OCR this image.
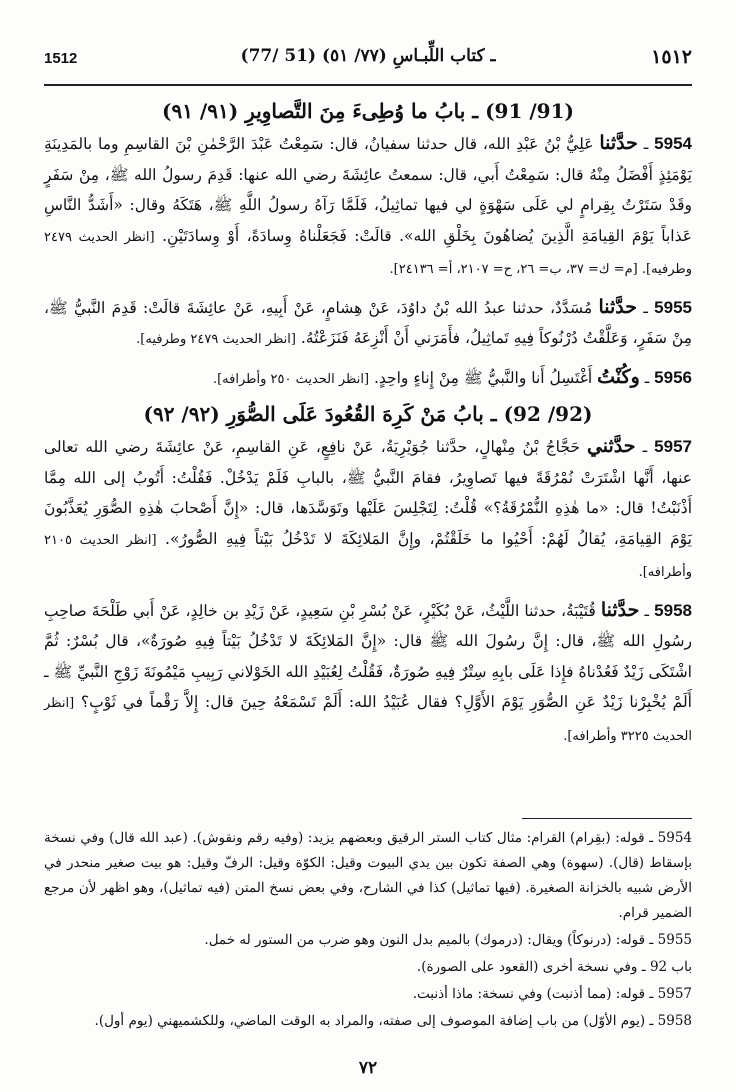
1512	(77/ 51) ـ كتاب اللِّبـاسِ (٧٧/ ٥١)	١٥١٢
(91/ 91) ـ بابُ ما وُطِىءَ مِنَ التَّصاوِيرِ (٩١/ ٩١)

5954 ـ حدَّثنا عَلِيُّ بْنُ عَبْدِ الله، قال حدثنا سفيانُ، قال: سَمِعْتُ عَبْدَ الرَّحْمٰنِ بْنَ القاسِمِ وما بالمَدِينَةِ يَوْمَئِذٍ أَفْضَلُ مِنْهُ قال: سَمِعْتُ أَبي، قال: سمعتُ عائِشَةَ رضي الله عنها: قَدِمَ رسولُ الله ﷺ، مِنْ سَفَرٍ وقَدْ سَتَرْتُ بِقِرامٍ لي عَلَى سَهْوَةٍ لي فيها تماثِيلُ، فَلَمَّا رَآهُ رسولُ اللَّهِ ﷺ، هَتَكَهُ وقال: «أَشَدُّ النَّاسِ عَذاباً يَوْمَ القِيامَةِ الَّذِينَ يُضاهُونَ بِخَلْقِ الله». قالَتْ: فَجَعَلْناهُ وِسادَةً، أَوْ وِسادَتَيْنِ. [انظر الحديث ٢٤٧٩ وطرفيه]. [م= ك= ٣٧، ب= ٢٦، ح= ٢١٠٧، أ= ٢٤١٣٦].

5955 ـ حدَّثنا مُسَدَّدٌ، حدثنا عبدُ الله بْنُ داوُدَ، عَنْ هِشامٍ، عَنْ أَبِيهِ، عَنْ عائِشَةَ قالَتْ: قَدِمَ النَّبيُّ ﷺ، مِنْ سَفَرٍ، وَعَلَّقْتُ دُرْنُوكاً فِيهِ تَماثِيلُ، فأَمَرَني أَنْ أَنْزِعَهُ فَنَزَعْتُهُ. [انظر الحديث ٢٤٧٩ وطرفيه].

5956 ـ وكُنْتُ أَغْتَسِلُ أَنا والنَّبيُّ ﷺ مِنْ إِناءٍ واحِدٍ. [انظر الحديث ٢٥٠ وأطرافه].

(92/ 92) ـ بابُ مَنْ كَرِهَ القُعُودَ عَلَى الصُّوَرِ (٩٢/ ٩٢)

5957 ـ حدَّثني حَجَّاجُ بْنُ مِنْهالٍ، حدَّثنا جُوَيْرِيَةُ، عَنْ نافِعٍ، عَنِ القاسِمِ، عَنْ عائِشَةَ رضي الله تعالى عنها، أَنَّها اشْتَرَتْ نُمْرُقَةً فيها تَصاوِيرُ، فقامَ النَّبيُّ ﷺ، بالبابِ فَلَمْ يَدْخُلْ. فَقُلْتُ: أَتُوبُ إلى الله مِمَّا أَذْنَبْتُ! قال: «ما هٰذِهِ النُّمْرُقَةُ؟» قُلْتُ: لِتَجْلِسَ عَلَيْها وتَوَسَّدَها، قال: «إِنَّ أَصْحابَ هٰذِهِ الصُّوَرِ يُعَذَّبُونَ يَوْمَ القِيامَةِ، يُقالُ لَهُمْ: أَحْيُوا ما خَلَقْتُمْ، وإِنَّ المَلائِكَةَ لا تَدْخُلُ بَيْتاً فِيهِ الصُّورُ». [انظر الحديث ٢١٠٥ وأطرافه].

5958 ـ حدَّثنا قُتَيْبَةُ، حدثنا اللَّيْثُ، عَنْ بُكَيْرٍ، عَنْ بُسْرِ بْنِ سَعِيدٍ، عَنْ زَيْدِ بن خالِدٍ، عَنْ أَبي طَلْحَةَ صاحِبِ رسُولِ الله ﷺ، قال: إِنَّ رسُولَ الله ﷺ قال: «إِنَّ المَلائِكَةَ لا تَدْخُلُ بَيْتاً فِيهِ صُورَةٌ»، قال بُسْرٌ: ثُمَّ اشْتَكَى زَيْدٌ فَعُدْناهُ فإِذا عَلَى بابِهِ سِتْرٌ فِيهِ صُورَةٌ، فَقُلْتُ لِعُبَيْدِ الله الخَوْلاني رَبِيبِ مَيْمُونَةَ زَوْجِ النَّبيِّ ﷺ ـ أَلَمْ يُخْبِرْنا زَيْدٌ عَنِ الصُّوَرِ يَوْمَ الأَوَّلِ؟ فقال عُبَيْدُ الله: أَلَمْ تَسْمَعْهُ حِينَ قال: إِلاَّ رَقْماً في ثَوْبٍ؟ [انظر الحديث ٣٢٢٥ وأطرافه].

5954 ـ قوله: (بقِرام) القرام: مثال كتاب الستر الرقيق وبعضهم يزيد: (وفيه رقم ونقوش). (عبد الله قال) وفي نسخة بإسقاط (قال). (سهوة) وهي الصفة تكون بين يدي البيوت وقيل: الكوّة وقيل: الرفّ وقيل: هو بيت صغير منحدر في الأرض شبيه بالخزانة الصغيرة. (فيها تماثيل) كذا في الشارح، وفي بعض نسخ المتن (فيه تماثيل)، وهو اظهر لأن مرجع الضمير قرام.

5955 ـ قوله: (درنوكاً) ويقال: (درموك) بالميم بدل النون وهو ضرب من الستور له خمل.

باب 92 ـ وفي نسخة أخرى (القعود على الصورة).

5957 ـ قوله: (مما أذنبت) وفي نسخة: ماذا أذنبت.

5958 ـ (يوم الأوّل) من باب إضافة الموصوف إلى صفته، والمراد به الوقت الماضي، وللكشميهني (يوم أول).

٧٢
